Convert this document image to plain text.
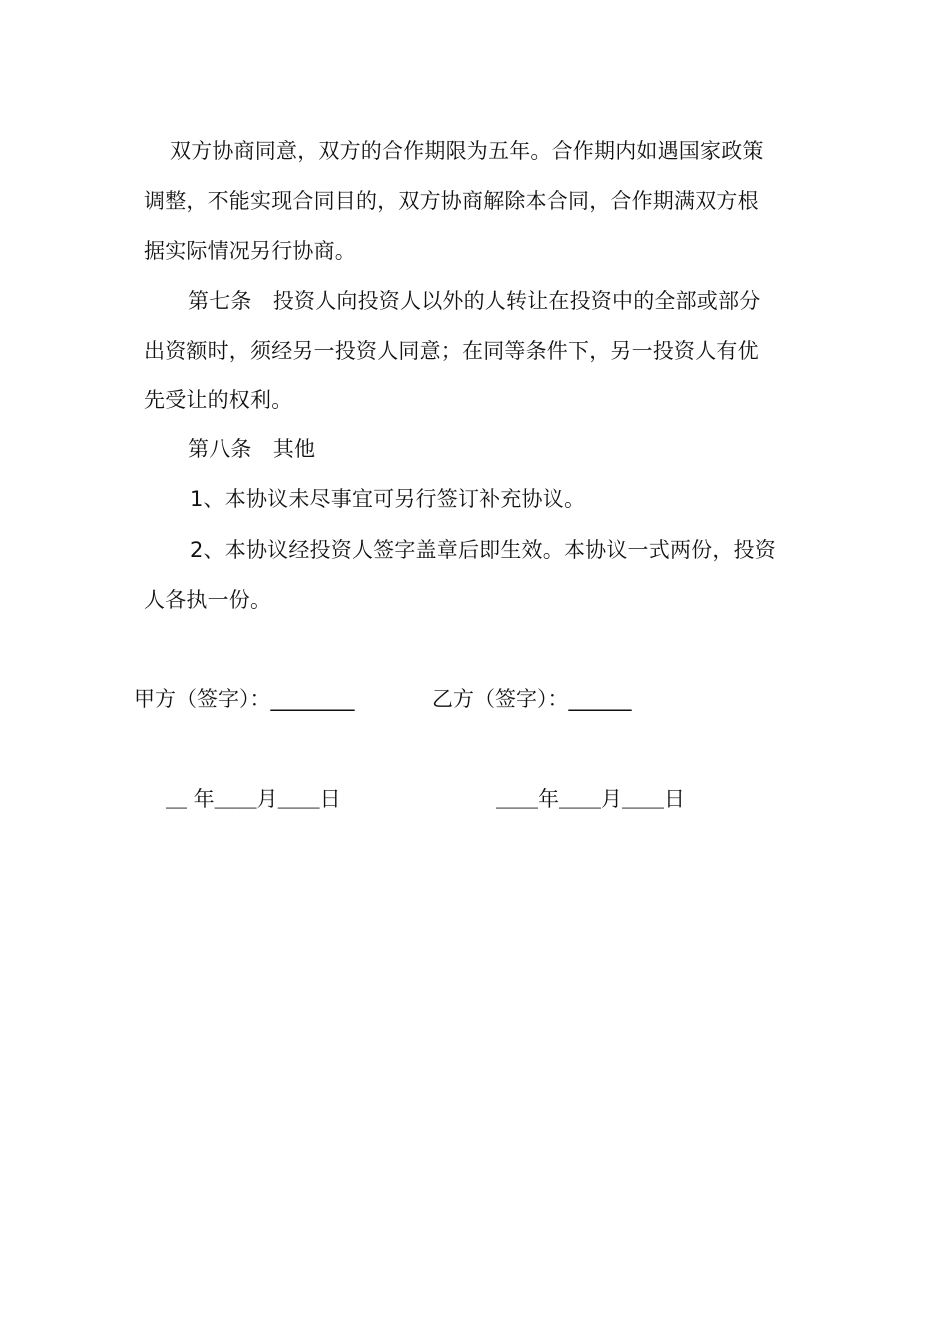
双方协商同意，双方的合作期限为五年。合作期内如遇国家政策
调整，不能实现合同目的，双方协商解除本合同，合作期满双方根
据实际情况另行协商。
第七条　投资人向投资人以外的人转让在投资中的全部或部分
出资额时，须经另一投资人同意；在同等条件下，另一投资人有优
先受让的权利。
第八条　其他
1、本协议未尽事宜可另行签订补充协议。
2、本协议经投资人签字盖章后即生效。本协议一式两份，投资
人各执一份。
甲方（签字）：________	乙方（签字）：______
＿ 年＿＿月＿＿日	＿＿年＿＿月＿＿日
